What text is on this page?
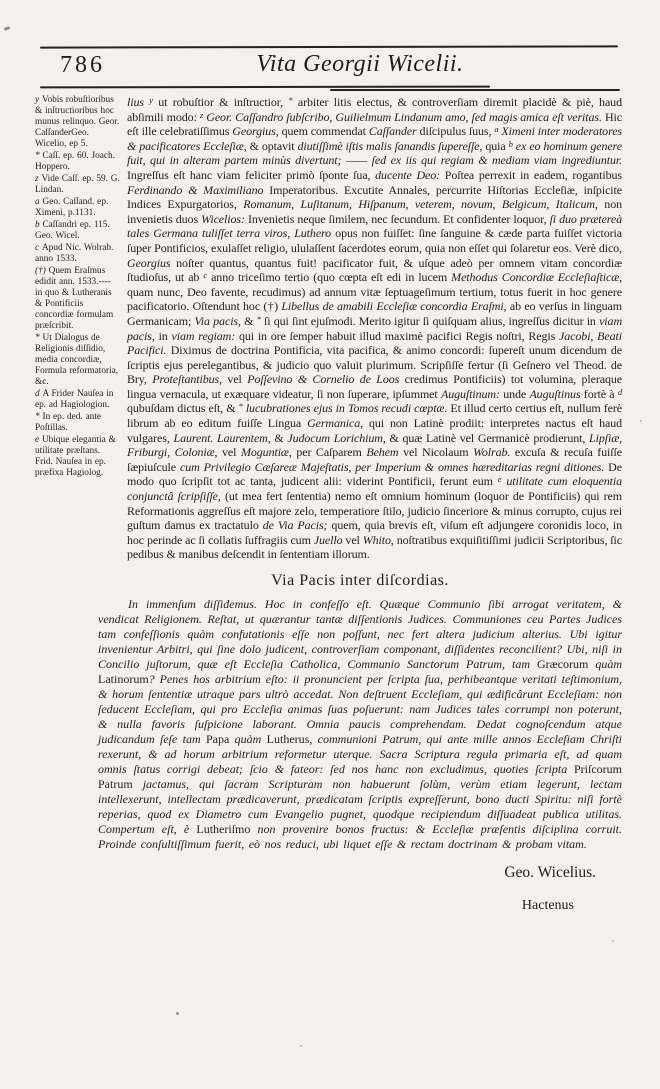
786	Vita Georgii Wicelii.
y Vobis robuſtioribus & inſtructioribus hoc munus relinquo. Geor. CaſſanderGeo. Wicelio, ep 5.
* Caſſ. ep. 60. Joach. Hoppero.
z Vide Caſſ. ep. 59. G. Lindan.
a Geo. Caſſand. ep. Ximeni, p.1131.
b Caſſandri ep. 115. Geo. Wicel.
c Apud Nic. Wolrab. anno 1533.
(†) Quem Eraſmus edidit ann. 1533.---- in quo & Lutheranis & Pontificiis concordiæ formulam præſcribit.
* Ut Dialogus de Religionis diſſidio, media concordiæ, Formula reformatoria, &c.
d A Frider Nauſea in ep. ad Hagiologion.
* In ep. ded. ante Poſtillas.
e Ubique elegantia & utilitate præſtans. Frid. Nauſea in ep. præfixa Hagiolog.

lius $^y$ ut robuſtior & inſtructior, * arbiter litis electus, & controverſiam diremit placidè & piè, haud abſimili modo: $^z$ Geor. Caſſandro ſubſcribo, Guilielmum Lindanum amo, ſed magis amica eſt veritas. Hic eſt ille celebratiſſimus Georgius, quem commendat Caſſander diſcipulus ſuus, $^a$ Ximeni inter moderatores & pacificatores Eccleſiæ, & optavit diutiſſimè iſtis malis ſanandis ſupereſſe, quia $^b$ ex eo hominum genere fuit, qui in alteram partem minùs divertunt; —— ſed ex iis qui regiam & mediam viam ingrediuntur. Ingreſſus eſt hanc viam feliciter primò ſponte ſua, ducente Deo: Poſtea perrexit in eadem, rogantibus Ferdinando & Maximiliano Imperatoribus. Excutite Annales, percurrite Hiſtorias Eccleſiæ, inſpicite Indices Expurgatorios, Romanum, Luſitanum, Hiſpanum, veterem, novum, Belgicum, Italicum, non invenietis duos Wicelios: Invenietis neque ſimilem, nec ſecundum. Et confidenter loquor, ſi duo prætereà tales Germana tuliſſet terra viros, Luthero opus non fuiſſet: ſine ſanguine & cæde parta fuiſſet victoria ſuper Pontificios, exulaſſet religio, ululaſſent ſacerdotes eorum, quia non eſſet qui ſolaretur eos. Verè dico, Georgius noſter quantus, quantus fuit! pacificator fuit, & uſque adeò per omnem vitam concordiæ ſtudioſus, ut ab $^c$ anno triceſimo tertio (quo cœpta eſt edi in lucem Methodus Concordiæ Eccleſiaſticæ, quam nunc, Deo favente, recudimus) ad annum vitæ ſeptuageſimum tertium, totus fuerit in hoc genere pacificatorio. Oſtendunt hoc (†) Libellus de amabili Eccleſiæ concordia Eraſmi, ab eo verſus in linguam Germanicam; Via pacis, & * ſi qui ſint ejuſmodi. Merito igitur ſi quiſquam alius, ingreſſus dicitur in viam pacis, in viam regiam: qui in ore ſemper habuit illud maximè pacifici Regis noſtri, Regis Jacobi, Beati Pacifici. Diximus de doctrina Pontificia, vita pacifica, & animo concordi: ſupereſt unum dicendum de ſcriptis ejus perelegantibus, & judicio quo valuit plurimum. Scripſiſſe fertur (ſi Geſnero vel Theod. de Bry, Proteſtantibus, vel Poſſevino & Cornelio de Loos credimus Pontificiis) tot volumina, pleraque lingua vernacula, ut exæquare videatur, ſi non ſuperare, ipſummet Auguſtinum: unde Auguſtinus fortè à $^d$ qubuſdam dictus eſt, & * lucubrationes ejus in Tomos recudi cœptæ. Et illud certo certius eſt, nullum ferè librum ab eo editum fuiſſe Lingua Germanica, qui non Latinè prodiit: interpretes nactus eſt haud vulgares, Laurent. Laurentem, & Judocum Lorichium, & quæ Latinè vel Germanicè prodierunt, Lipſiæ, Friburgi, Coloniæ, vel Moguntiæ, per Caſparem Behem vel Nicolaum Wolrab. excuſa & recuſa fuiſſe ſæpiuſcule cum Privilegio Cæſareæ Majeſtatis, per Imperium & omnes hæreditarias regni ditiones. De modo quo ſcripſit tot ac tanta, judicent alii: viderint Pontificii, ferunt eum $^e$ utilitate cum eloquentia conjunctâ ſcripſiſſe, (ut mea fert ſententia) nemo eſt omnium hominum (loquor de Pontificiis) qui rem Reformationis aggreſſus eſt majore zelo, temperatiore ſtilo, judicio ſinceriore & minus corrupto, cujus rei guſtum damus ex tractatulo de Via Pacis; quem, quia brevis eſt, viſum eſt adjungere coronidis loco, in hoc perinde ac ſi collatis ſuffragiis cum Juello vel Whito, noſtratibus exquiſitiſſimi judicii Scriptoribus, ſic pedibus & manibus deſcendit in ſententiam illorum.

Via Pacis inter diſcordias.

In immenſum diſſidemus. Hoc in confeſſo eſt. Quæque Communio ſibi arrogat veritatem, & vendicat Religionem. Reſtat, ut quærantur tantæ diſſentionis Judices. Communiones ceu Partes Judices tam confeſſionis quàm confutationis eſſe non poſſunt, nec fert altera judicium alterius. Ubi igitur invenientur Arbitri, qui ſine dolo judicent, controverſiam componant, diſſidentes reconcilient? Ubi, niſi in Concilio juſtorum, quæ eſt Eccleſia Catholica, Communio Sanctorum Patrum, tam Græcorum quàm Latinorum? Penes hos arbitrium eſto: ii pronuncient per ſcripta ſua, perhibeantque veritati teſtimonium, & horum ſententiæ utraque pars ultrò accedat. Non deſtruent Eccleſiam, qui ædificârunt Eccleſiam: non ſeducent Eccleſiam, qui pro Eccleſia animas ſuas poſuerunt: nam Judices tales corrumpi non poterunt, & nulla favoris ſuſpicione laborant. Omnia paucis comprehendam. Dedat cognoſcendum atque judicandum ſeſe tam Papa quàm Lutherus, communioni Patrum, qui ante mille annos Eccleſiam Chriſti rexerunt, & ad horum arbitrium reformetur uterque. Sacra Scriptura regula primaria eſt, ad quam omnis ſtatus corrigi debeat; ſcio & fateor: ſed nos hanc non excludimus, quoties ſcripta Priſcorum Patrum jactamus, qui ſacram Scripturam non habuerunt ſolùm, verùm etiam legerunt, lectam intellexerunt, intellectam prædicaverunt, prædicatam ſcriptis expreſſerunt, bono ducti Spiritu: niſi fortè reperias, quod ex Diametro cum Evangelio pugnet, quodque recipiendum diſſuadeat publica utilitas. Compertum eſt, è Lutheriſmo non provenire bonos fructus: & Eccleſiæ præſentis diſciplina corruit. Proinde conſultiſſimum fuerit, eò nos reduci, ubi liquet eſſe & rectam doctrinam & probam vitam.

Geo. Wicelius.
Hactenus
